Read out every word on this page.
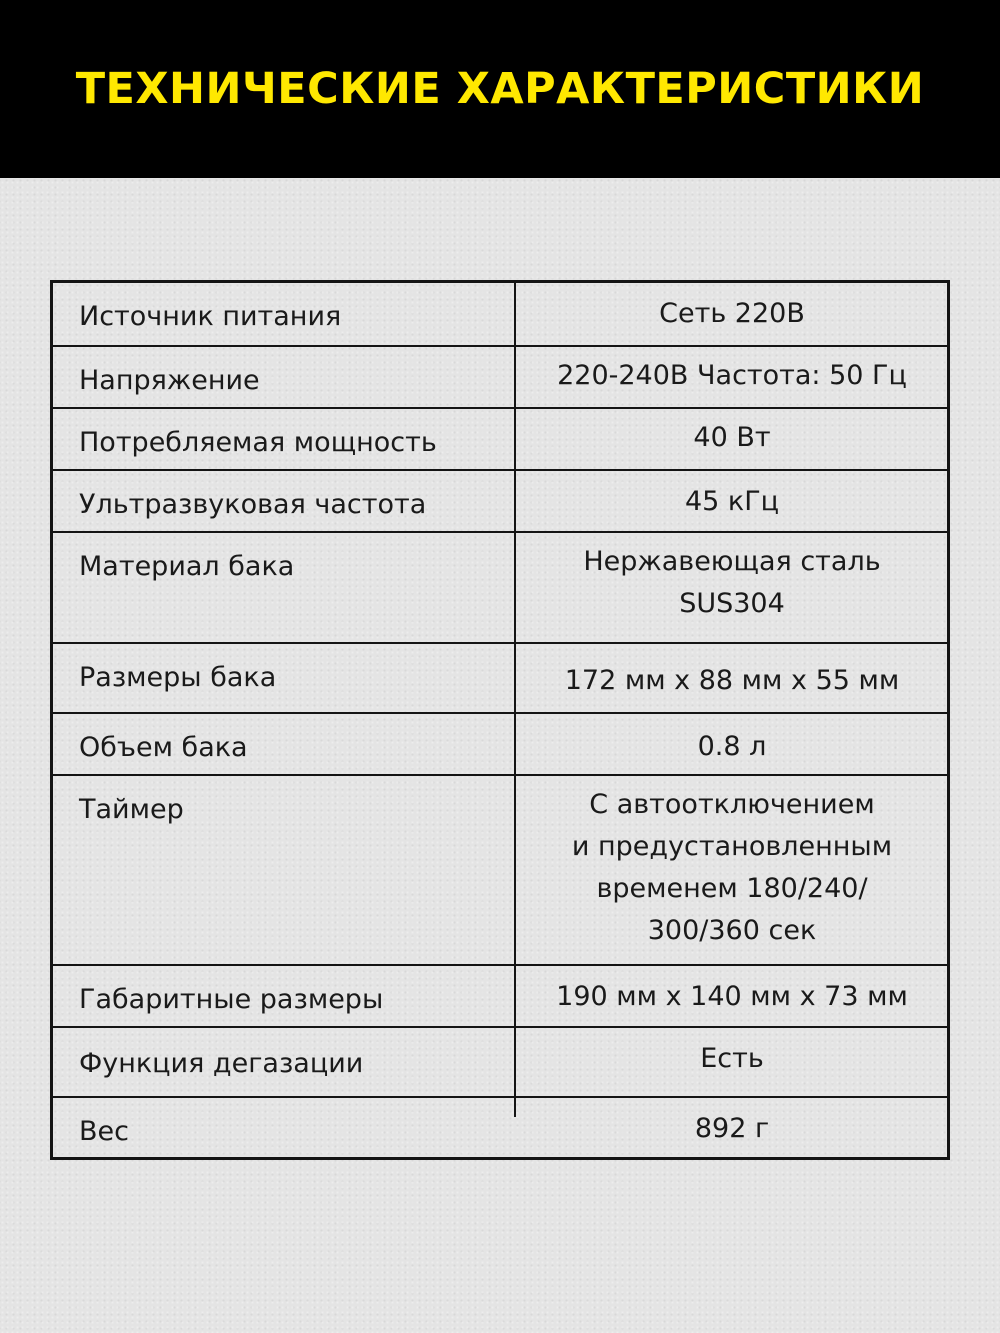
ТЕХНИЧЕСКИЕ ХАРАКТЕРИСТИКИ
Источник питания	Сеть 220В
Напряжение	220-240В Частота: 50 Гц
Потребляемая мощность	40 Вт
Ультразвуковая частота	45 кГц
Материал бака	Нержавеющая сталь
SUS304
Размеры бака	172 мм х 88 мм х 55 мм
Объем бака	0.8 л
Таймер	С автоотключением
и предустановленным
временем 180/240/
300/360 сек
Габаритные размеры	190 мм х 140 мм х 73 мм
Функция дегазации	Есть
Вес	892 г
